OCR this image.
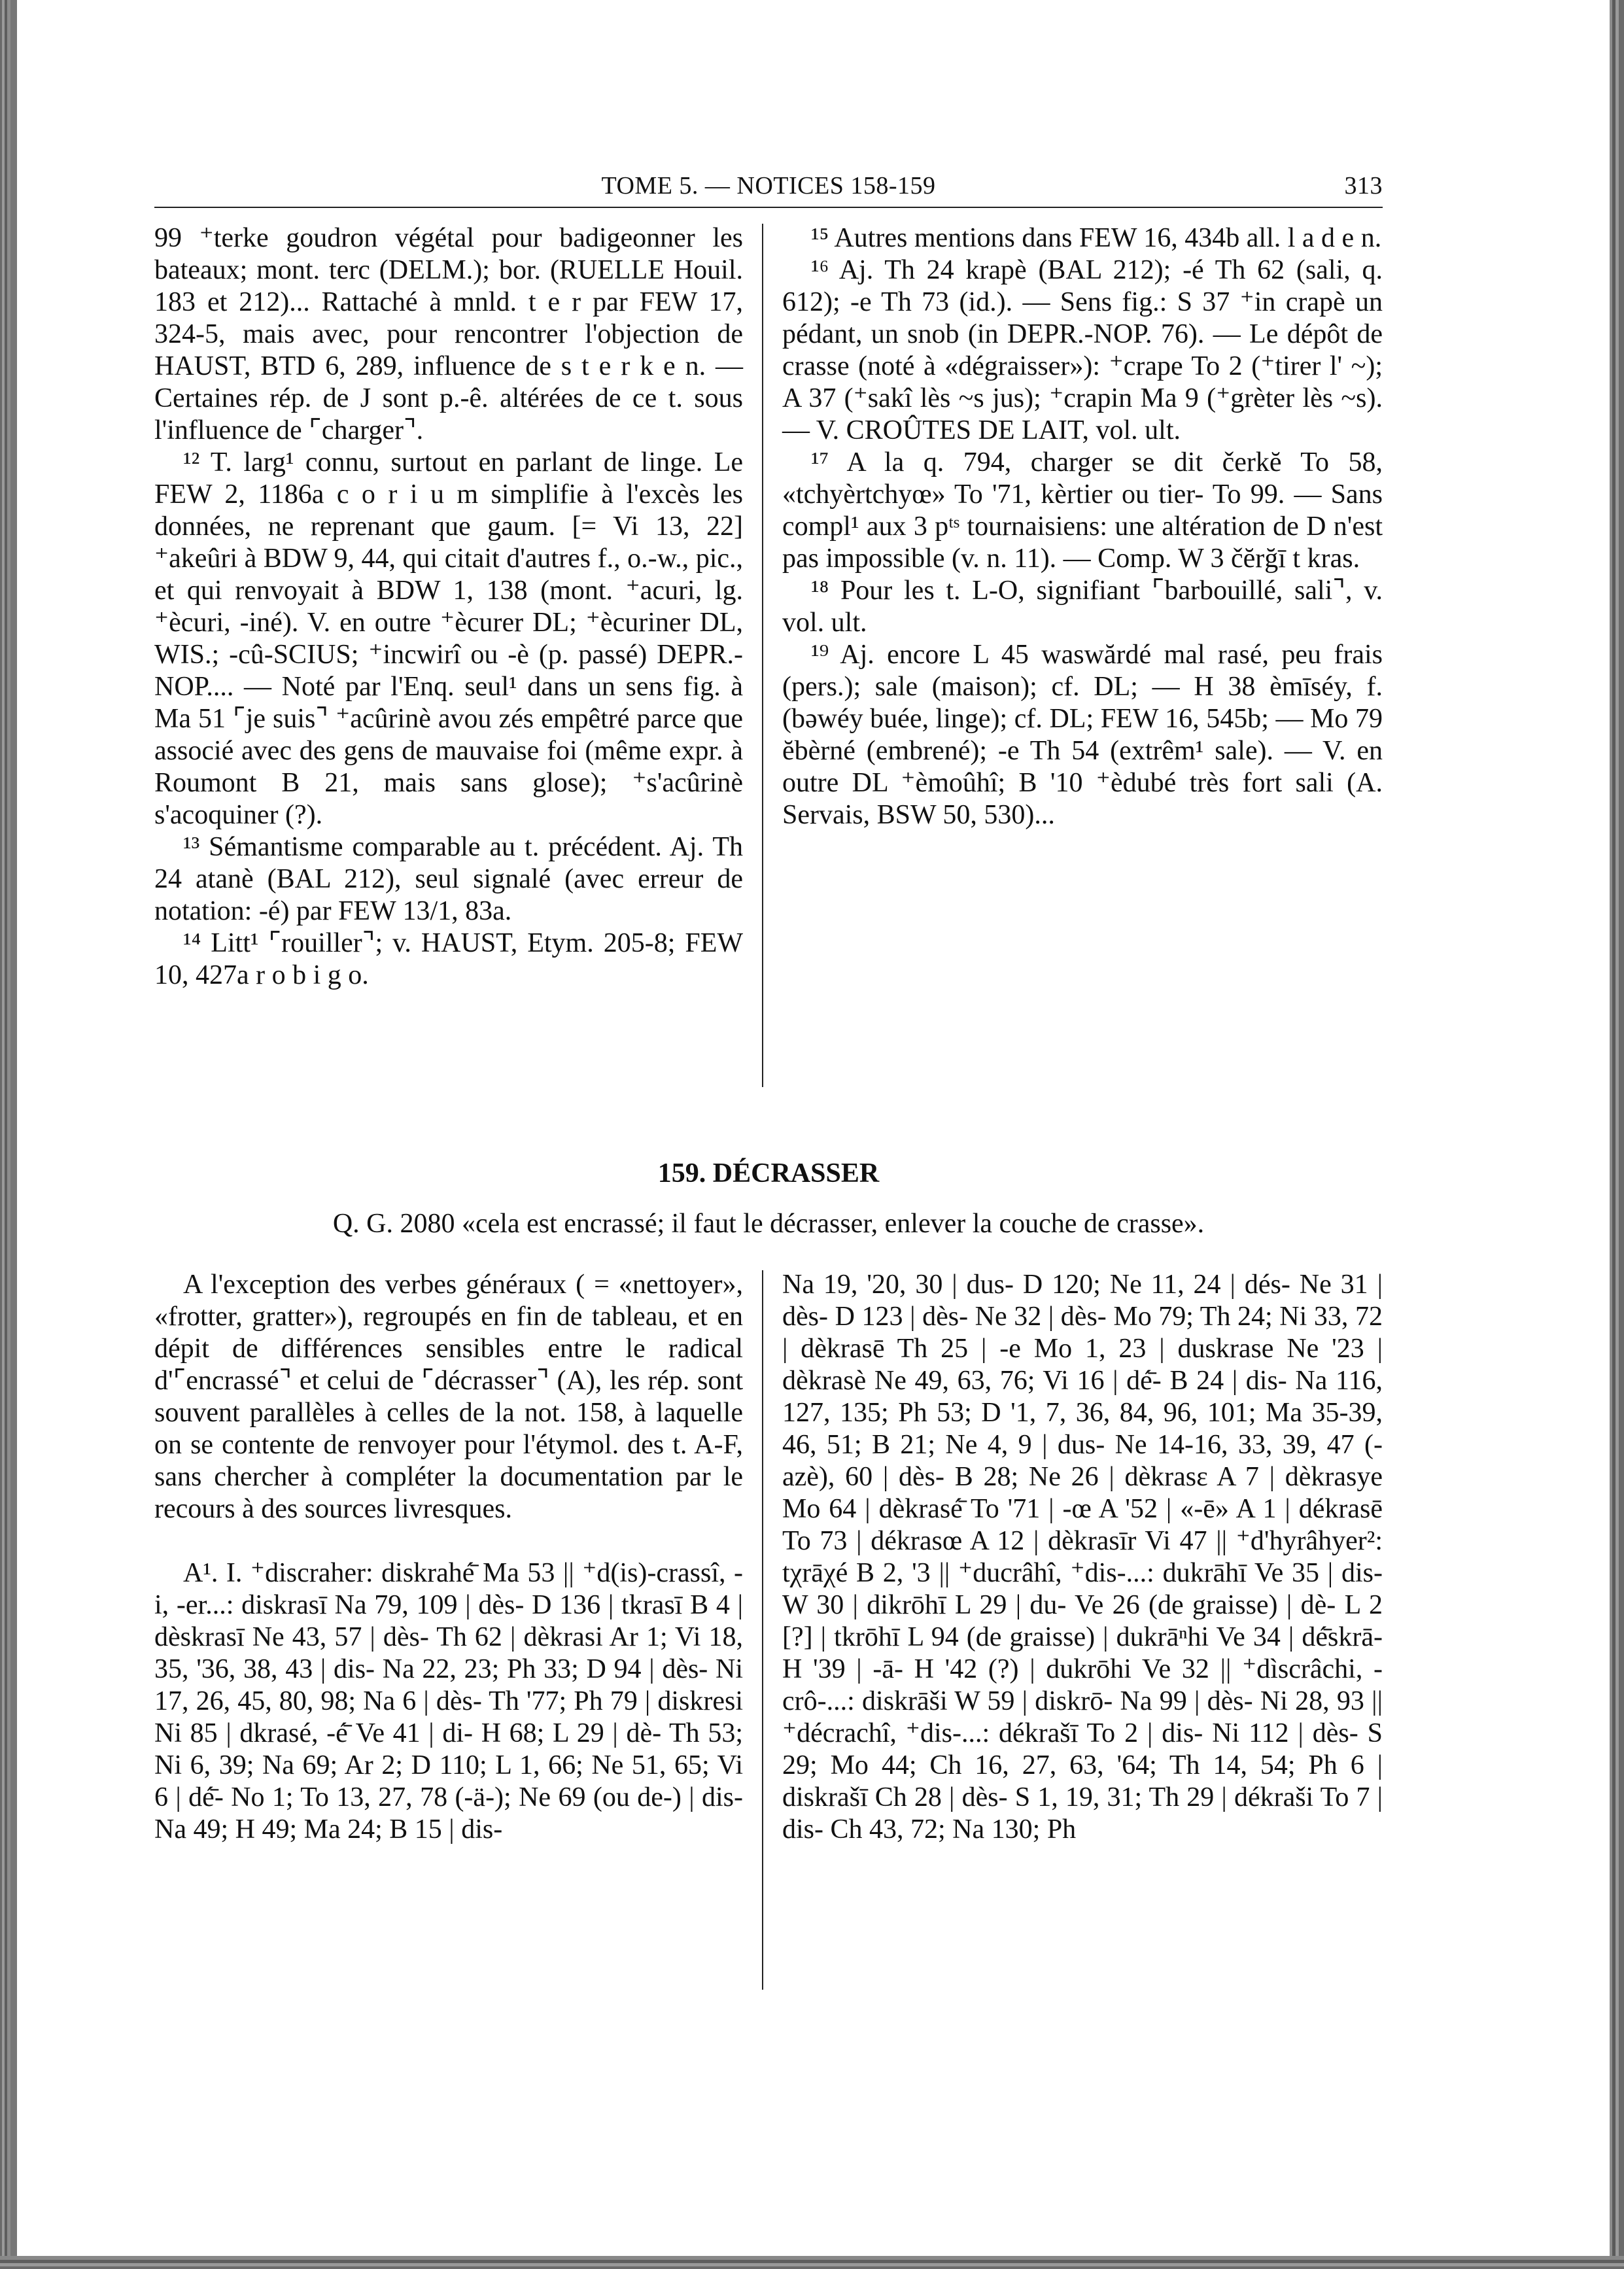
TOME 5. — NOTICES 158-159	313

99 ⁺terke goudron végétal pour badigeonner les bateaux; mont. terc (DELM.); bor. (RUELLE Houil. 183 et 212)... Rattaché à mnld. t e r par FEW 17, 324-5, mais avec, pour rencontrer l'objection de HAUST, BTD 6, 289, influence de s t e r k e n. — Certaines rép. de J sont p.-ê. altérées de ce t. sous l'influence de ⌜charger⌝.

¹² T. larg¹ connu, surtout en parlant de linge. Le FEW 2, 1186a c o r i u m simplifie à l'excès les données, ne reprenant que gaum. [= Vi 13, 22] ⁺akeûri à BDW 9, 44, qui citait d'autres f., o.-w., pic., et qui renvoyait à BDW 1, 138 (mont. ⁺acuri, lg. ⁺ècuri, -iné). V. en outre ⁺ècurer DL; ⁺ècuriner DL, WIS.; -cû-SCIUS; ⁺incwirî ou -è (p. passé) DEPR.-NOP.... — Noté par l'Enq. seul¹ dans un sens fig. à Ma 51 ⌜je suis⌝ ⁺acûrinè avou zés empêtré parce que associé avec des gens de mauvaise foi (même expr. à Roumont B 21, mais sans glose); ⁺s'acûrinè s'acoquiner (?).

¹³ Sémantisme comparable au t. précédent. Aj. Th 24 atanè (BAL 212), seul signalé (avec erreur de notation: -é) par FEW 13/1, 83a.

¹⁴ Litt¹ ⌜rouiller⌝; v. HAUST, Etym. 205-8; FEW 10, 427a r o b i g o.

¹⁵ Autres mentions dans FEW 16, 434b all. l a d e n.

¹⁶ Aj. Th 24 krapè (BAL 212); -é Th 62 (sali, q. 612); -e Th 73 (id.). — Sens fig.: S 37 ⁺in crapè un pédant, un snob (in DEPR.-NOP. 76). — Le dépôt de crasse (noté à «dégraisser»): ⁺crape To 2 (⁺tirer l' ~); A 37 (⁺sakî lès ~s jus); ⁺crapin Ma 9 (⁺grèter lès ~s). — V. CROÛTES DE LAIT, vol. ult.

¹⁷ A la q. 794, charger se dit čerkĕ To 58, «tchyèrtchyœ» To '71, kèrtier ou tier- To 99. — Sans compl¹ aux 3 pᵗˢ tournaisiens: une altération de D n'est pas impossible (v. n. 11). — Comp. W 3 čĕrğī t kras.

¹⁸ Pour les t. L-O, signifiant ⌜barbouillé, sali⌝, v. vol. ult.

¹⁹ Aj. encore L 45 waswărdé mal rasé, peu frais (pers.); sale (maison); cf. DL; — H 38 èmīséy, f. (bəwéy buée, linge); cf. DL; FEW 16, 545b; — Mo 79 ĕbèrné (embrené); -e Th 54 (extrêm¹ sale). — V. en outre DL ⁺èmoûhî; B '10 ⁺èdubé très fort sali (A. Servais, BSW 50, 530)...

159. DÉCRASSER
Q. G. 2080 «cela est encrassé; il faut le décrasser, enlever la couche de crasse».

A l'exception des verbes généraux ( = «nettoyer», «frotter, gratter»), regroupés en fin de tableau, et en dépit de différences sensibles entre le radical d'⌜encrassé⌝ et celui de ⌜décrasser⌝ (A), les rép. sont souvent parallèles à celles de la not. 158, à laquelle on se contente de renvoyer pour l'étymol. des t. A-F, sans chercher à compléter la documentation par le recours à des sources livresques.

A¹. I. ⁺discraher: diskrahé̄ Ma 53 || ⁺d(is)-crassî, -i, -er...: diskrasī Na 79, 109 | dès- D 136 | tkrasī B 4 | dèskrasī Ne 43, 57 | dès- Th 62 | dèkrasi Ar 1; Vi 18, 35, '36, 38, 43 | dis- Na 22, 23; Ph 33; D 94 | dès- Ni 17, 26, 45, 80, 98; Na 6 | dès- Th '77; Ph 79 | diskresi Ni 85 | dkrasé, -é̄ Ve 41 | di- H 68; L 29 | dè- Th 53; Ni 6, 39; Na 69; Ar 2; D 110; L 1, 66; Ne 51, 65; Vi 6 | dé̄- No 1; To 13, 27, 78 (-ä-); Ne 69 (ou de-) | dis- Na 49; H 49; Ma 24; B 15 | dis-

Na 19, '20, 30 | dus- D 120; Ne 11, 24 | dés- Ne 31 | dès- D 123 | dès- Ne 32 | dès- Mo 79; Th 24; Ni 33, 72 | dèkrasē Th 25 | -e Mo 1, 23 | duskrase Ne '23 | dèkrasè Ne 49, 63, 76; Vi 16 | dé̄- B 24 | dis- Na 116, 127, 135; Ph 53; D '1, 7, 36, 84, 96, 101; Ma 35-39, 46, 51; B 21; Ne 4, 9 | dus- Ne 14-16, 33, 39, 47 (-azè), 60 | dès- B 28; Ne 26 | dèkrasɛ A 7 | dèkrasye Mo 64 | dèkrasé̄ To '71 | -œ A '52 | «-ē» A 1 | dékrasē To 73 | dékrasœ A 12 | dèkrasīr Vi 47 || ⁺d'hyrâhyer²: tχrāχé B 2, '3 || ⁺ducrâhî, ⁺dis-...: dukrāhī Ve 35 | dis- W 30 | dikrōhī L 29 | du- Ve 26 (de graisse) | dè- L 2 [?] | tkrōhī L 94 (de graisse) | dukrāⁿhi Ve 34 | dé̄skrā- H '39 | -ā- H '42 (?) | dukrōhi Ve 32 || ⁺dìscrâchi, -crô-...: diskrāši W 59 | diskrō- Na 99 | dès- Ni 28, 93 || ⁺décrachî, ⁺dis-...: dékrašī To 2 | dis- Ni 112 | dès- S 29; Mo 44; Ch 16, 27, 63, '64; Th 14, 54; Ph 6 | diskrašī Ch 28 | dès- S 1, 19, 31; Th 29 | dékraši To 7 | dis- Ch 43, 72; Na 130; Ph
